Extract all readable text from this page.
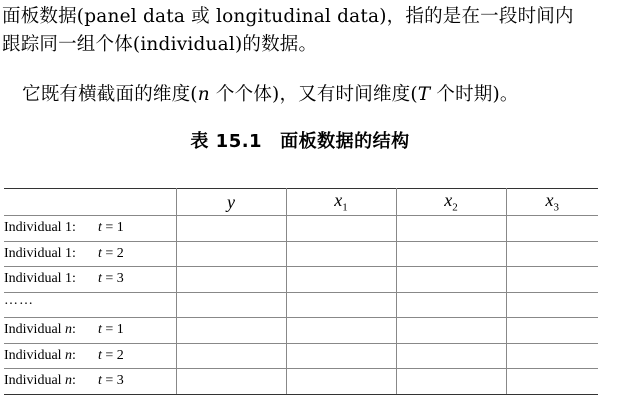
面板数据(panel data 或 longitudinal data)，指的是在一段时间内
跟踪同一组个体(individual)的数据。
它既有横截面的维度(n 个个体)，又有时间维度(T 个时期)。
表 15.1 面板数据的结构
	y	$x_1$	$x_2$	$x_3$
Individual 1: t = 1				
Individual 1: t = 2				
Individual 1: t = 3				
……				
Individual n: t = 1				
Individual n: t = 2				
Individual n: t = 3				
